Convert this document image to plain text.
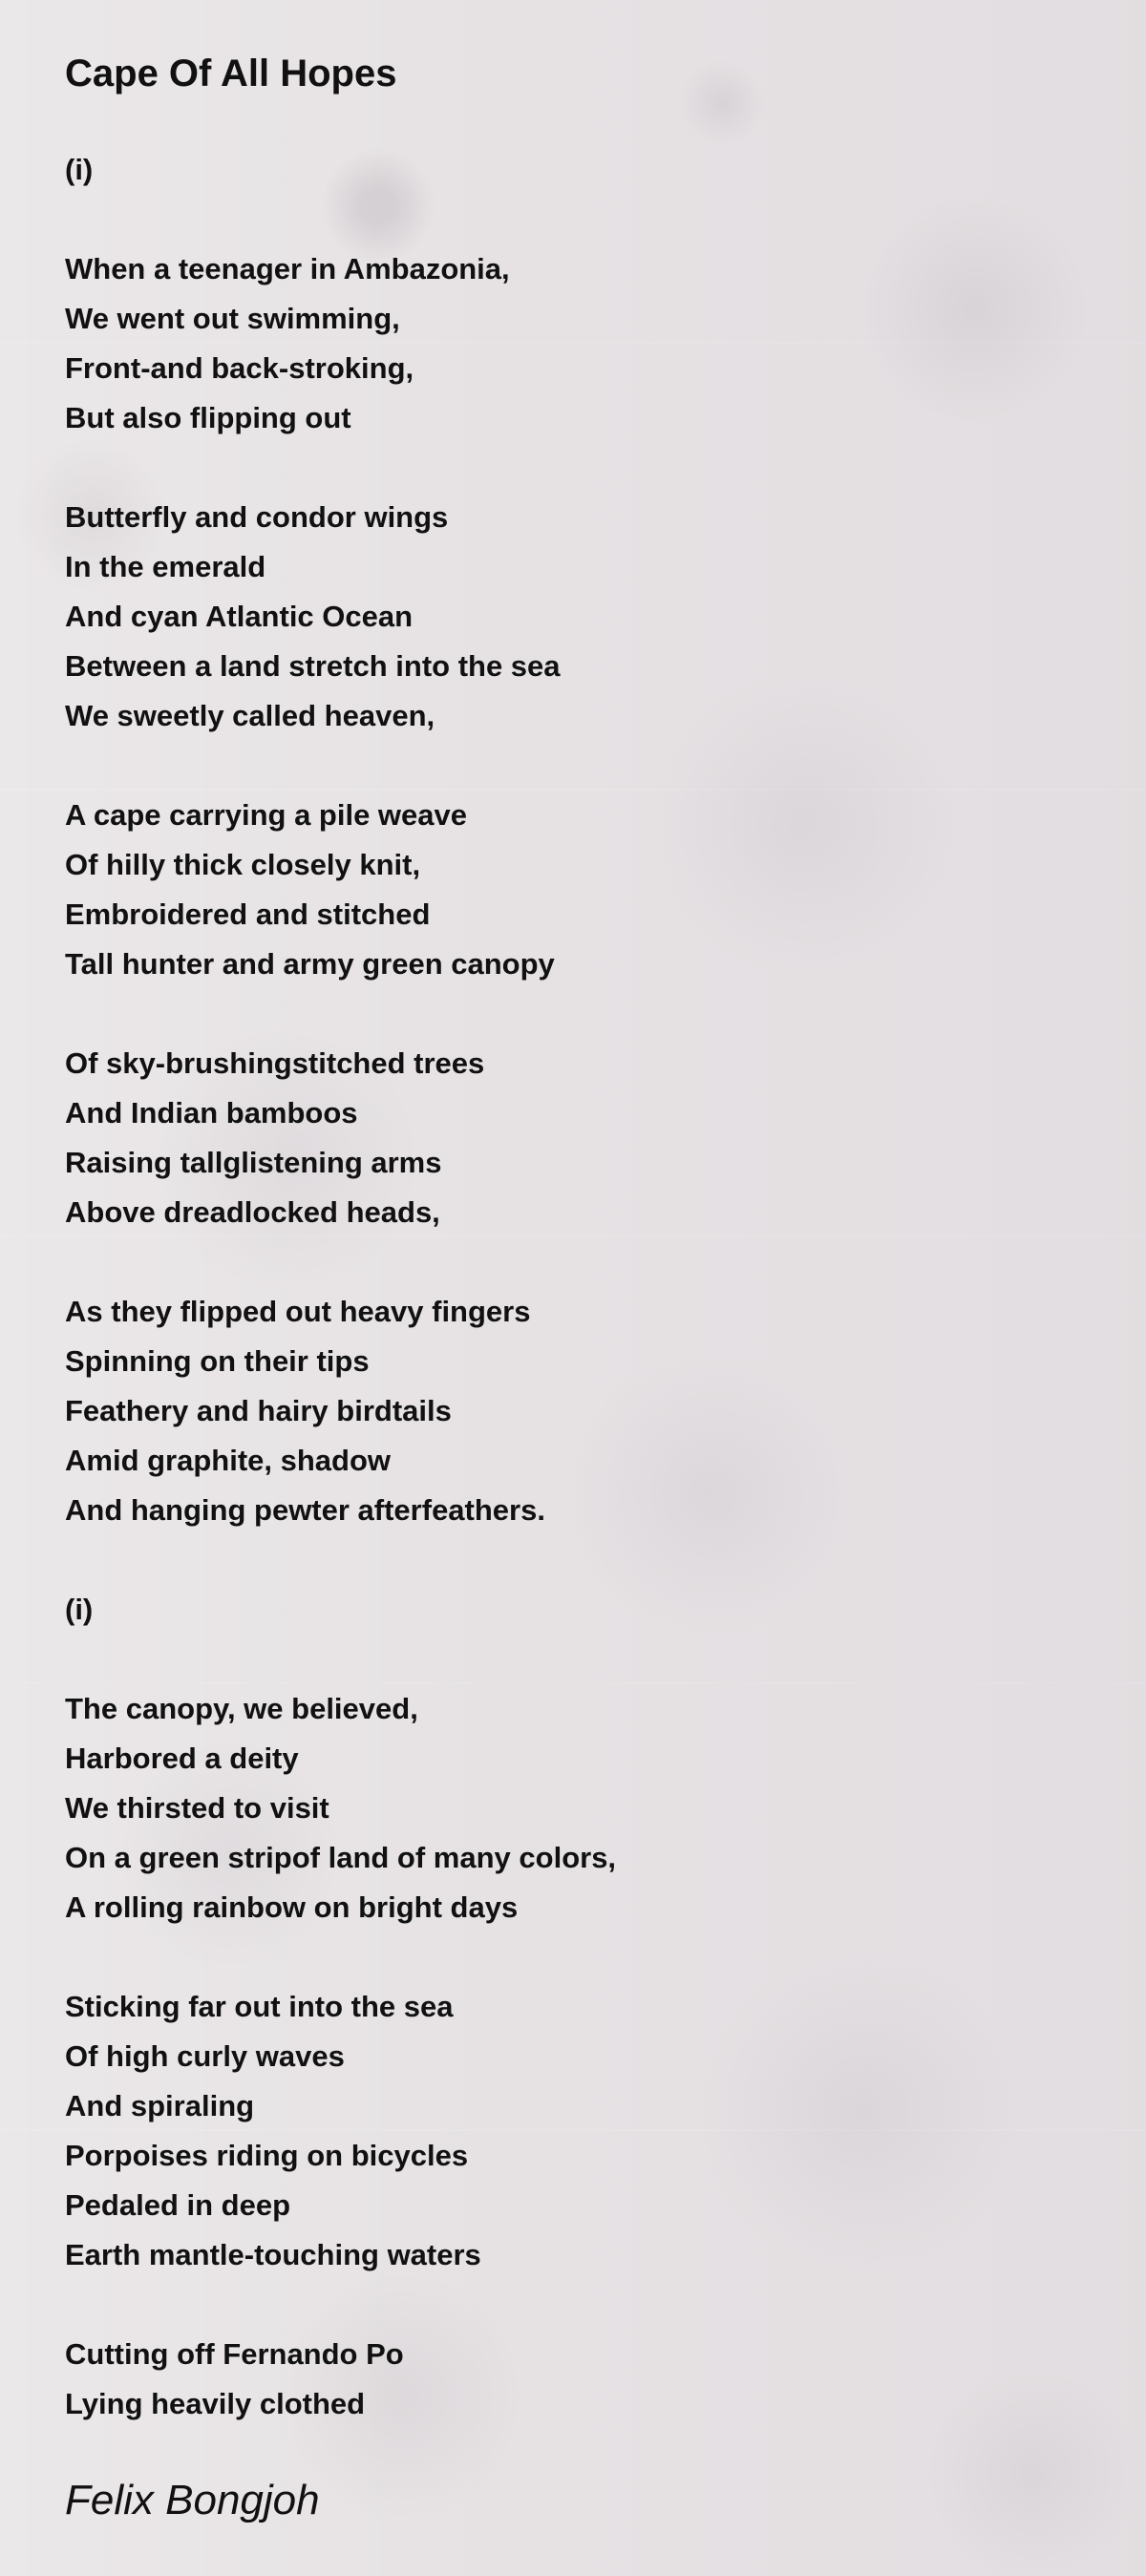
Cape Of All Hopes
(i)
When a teenager in Ambazonia,
We went out swimming,
Front-and back-stroking,
But also flipping out
Butterfly and condor wings
In the emerald
And cyan Atlantic Ocean
Between a land stretch into the sea
We sweetly called heaven,
A cape carrying a pile weave
Of hilly thick closely knit,
Embroidered and stitched
Tall hunter and army green canopy
Of sky-brushingstitched trees
And Indian bamboos
Raising tallglistening arms
Above dreadlocked heads,
As they flipped out heavy fingers
Spinning on their tips
Feathery and hairy birdtails
Amid graphite, shadow
And hanging pewter afterfeathers.
(i)
The canopy, we believed,
Harbored a deity
We thirsted to visit
On a green stripof land of many colors,
A rolling rainbow on bright days
Sticking far out into the sea
Of high curly waves
And spiraling
Porpoises riding on bicycles
Pedaled in deep
Earth mantle-touching waters
Cutting off Fernando Po
Lying heavily clothed
Felix Bongjoh
